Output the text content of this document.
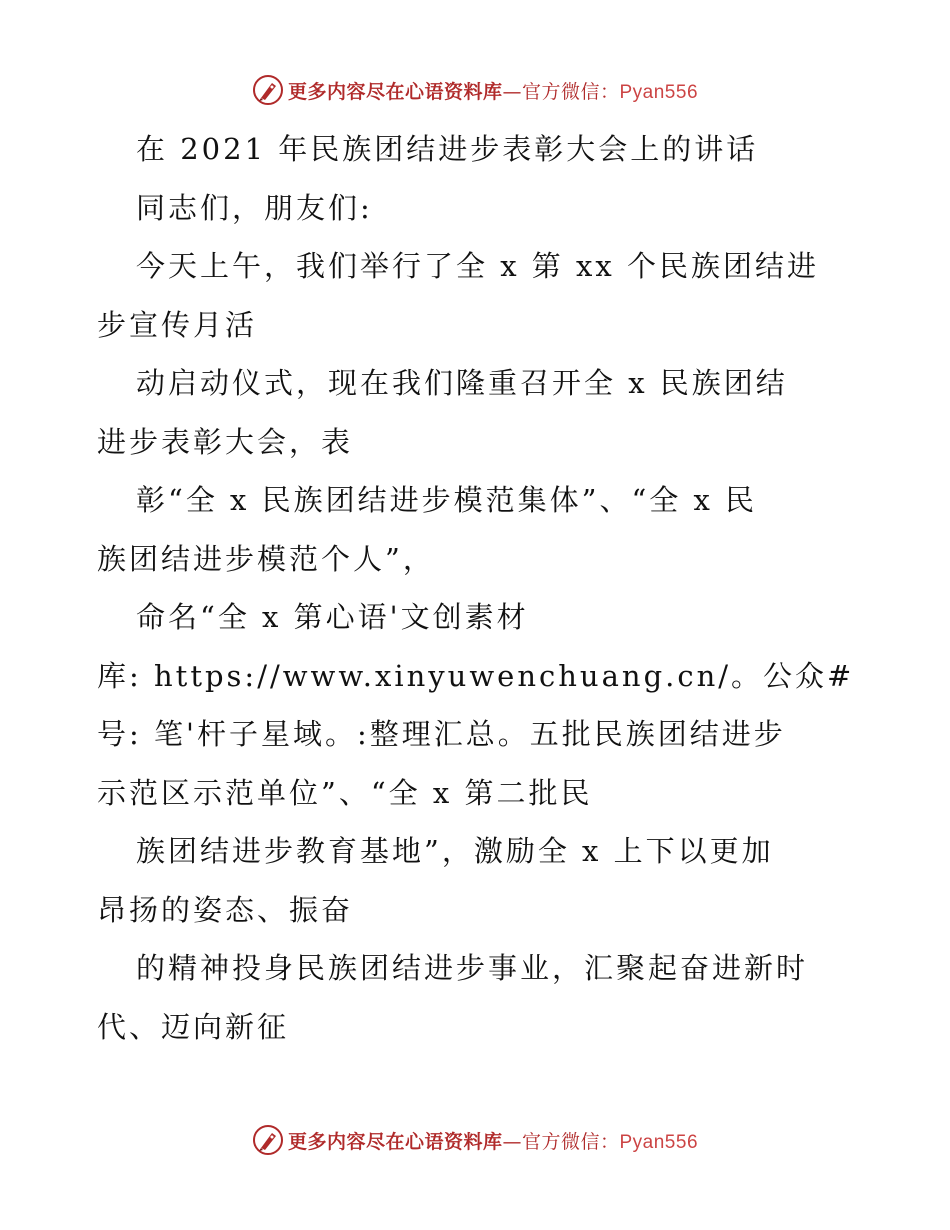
更多内容尽在心语资料库—官方微信：Pyan556
在 2021 年民族团结进步表彰大会上的讲话
同志们，朋友们:
今天上午，我们举行了全 x 第 xx 个民族团结进
步宣传月活
动启动仪式，现在我们隆重召开全 x 民族团结
进步表彰大会，表
彰“全 x 民族团结进步模范集体”、“全 x 民
族团结进步模范个人”，
命名“全 x 第心语'文创素材
库: https://www.xinyuwenchuang.cn/。公众#
号: 笔'杆子星域。:整理汇总。五批民族团结进步
示范区示范单位”、“全 x 第二批民
族团结进步教育基地”，激励全 x 上下以更加
昂扬的姿态、振奋
的精神投身民族团结进步事业，汇聚起奋进新时
代、迈向新征
更多内容尽在心语资料库—官方微信：Pyan556
